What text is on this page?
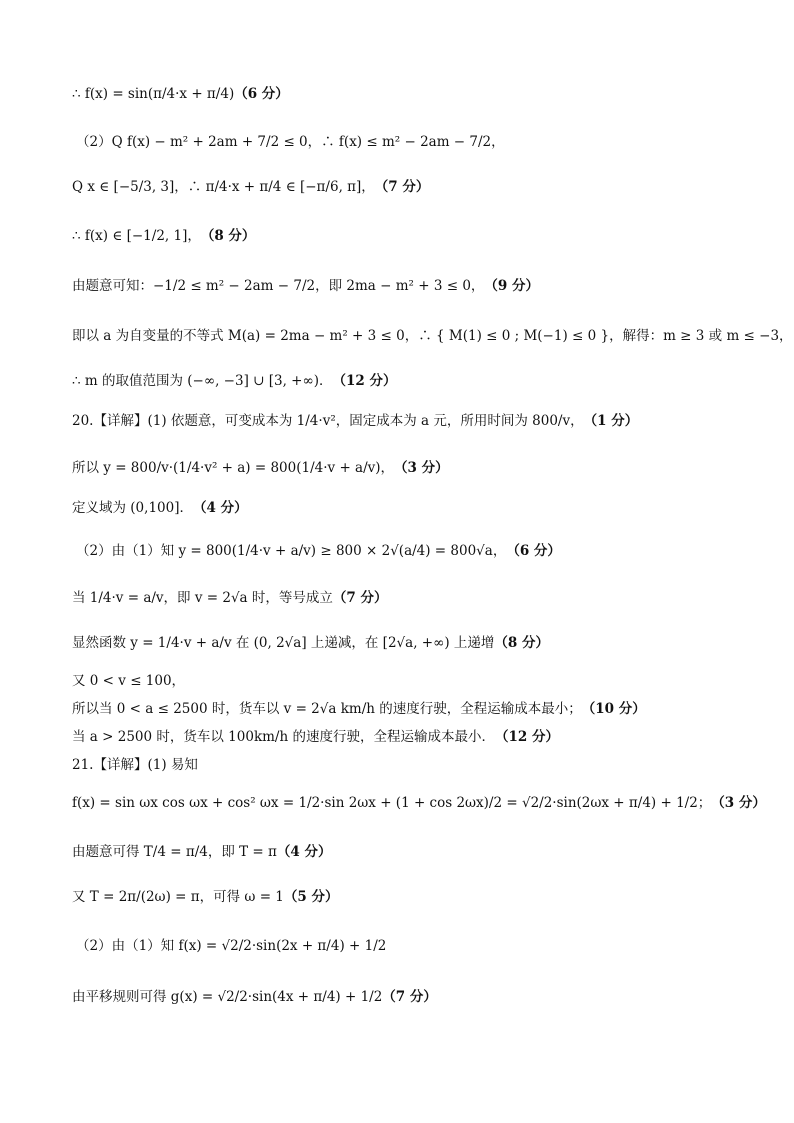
∴ f(x) = sin(π/4·x + π/4) （6 分）
（2）Q f(x) − m² + 2am + 7/2 ≤ 0，∴ f(x) ≤ m² − 2am − 7/2，
Q x ∈ [−5/3, 3]，∴ π/4·x + π/4 ∈ [−π/6, π]， （7 分）
∴ f(x) ∈ [−1/2, 1]， （8 分）
由题意可知：−1/2 ≤ m² − 2am − 7/2，即 2ma − m² + 3 ≤ 0， （9 分）
即以 a 为自变量的不等式 M(a) = 2ma − m² + 3 ≤ 0，∴ { M(1) ≤ 0 ; M(−1) ≤ 0 }，解得：m ≥ 3 或 m ≤ −3，
∴ m 的取值范围为 (−∞, −3] ∪ [3, +∞)． （12 分）
20.【详解】(1) 依题意，可变成本为 1/4·v²，固定成本为 a 元，所用时间为 800/v， （1 分）
所以 y = 800/v·(1/4·v² + a) = 800(1/4·v + a/v)， （3 分）
定义域为 (0,100]． （4 分）
（2）由（1）知 y = 800(1/4·v + a/v) ≥ 800 × 2√(a/4) = 800√a， （6 分）
当 1/4·v = a/v，即 v = 2√a 时，等号成立 （7 分）
显然函数 y = 1/4·v + a/v 在 (0, 2√a] 上递减，在 [2√a, +∞) 上递增 （8 分）
又 0 < v ≤ 100，
所以当 0 < a ≤ 2500 时，货车以 v = 2√a km/h 的速度行驶，全程运输成本最小； （10 分）
当 a > 2500 时，货车以 100km/h 的速度行驶，全程运输成本最小． （12 分）
21.【详解】(1) 易知
f(x) = sin ωx cos ωx + cos² ωx = 1/2·sin 2ωx + (1 + cos 2ωx)/2 = √2/2·sin(2ωx + π/4) + 1/2； （3 分）
由题意可得 T/4 = π/4，即 T = π （4 分）
又 T = 2π/(2ω) = π，可得 ω = 1 （5 分）
（2）由（1）知 f(x) = √2/2·sin(2x + π/4) + 1/2
由平移规则可得 g(x) = √2/2·sin(4x + π/4) + 1/2 （7 分）
